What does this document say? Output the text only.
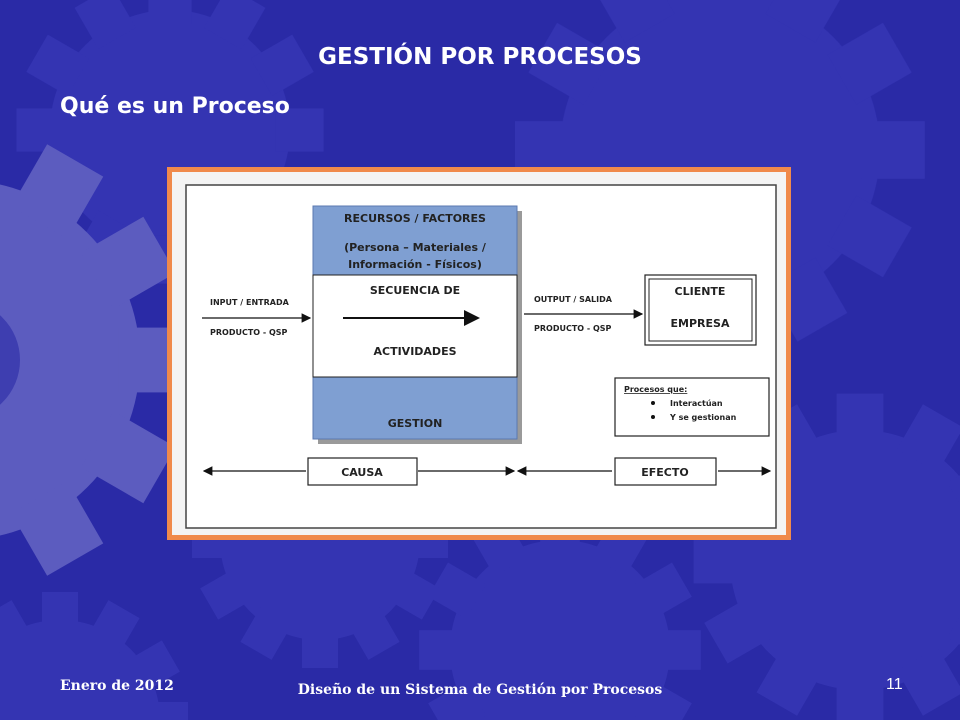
GESTIÓN POR PROCESOS
Qué es un Proceso
RECURSOS / FACTORES
(Persona – Materiales /
Información - Físicos)
SECUENCIA DE
ACTIVIDADES
GESTION
INPUT / ENTRADA
PRODUCTO - QSP
OUTPUT / SALIDA
PRODUCTO - QSP
CLIENTE
EMPRESA
Procesos que:
Interactúan
Y se gestionan
CAUSA	EFECTO
Enero de 2012	Diseño de un Sistema de Gestión por Procesos	11
